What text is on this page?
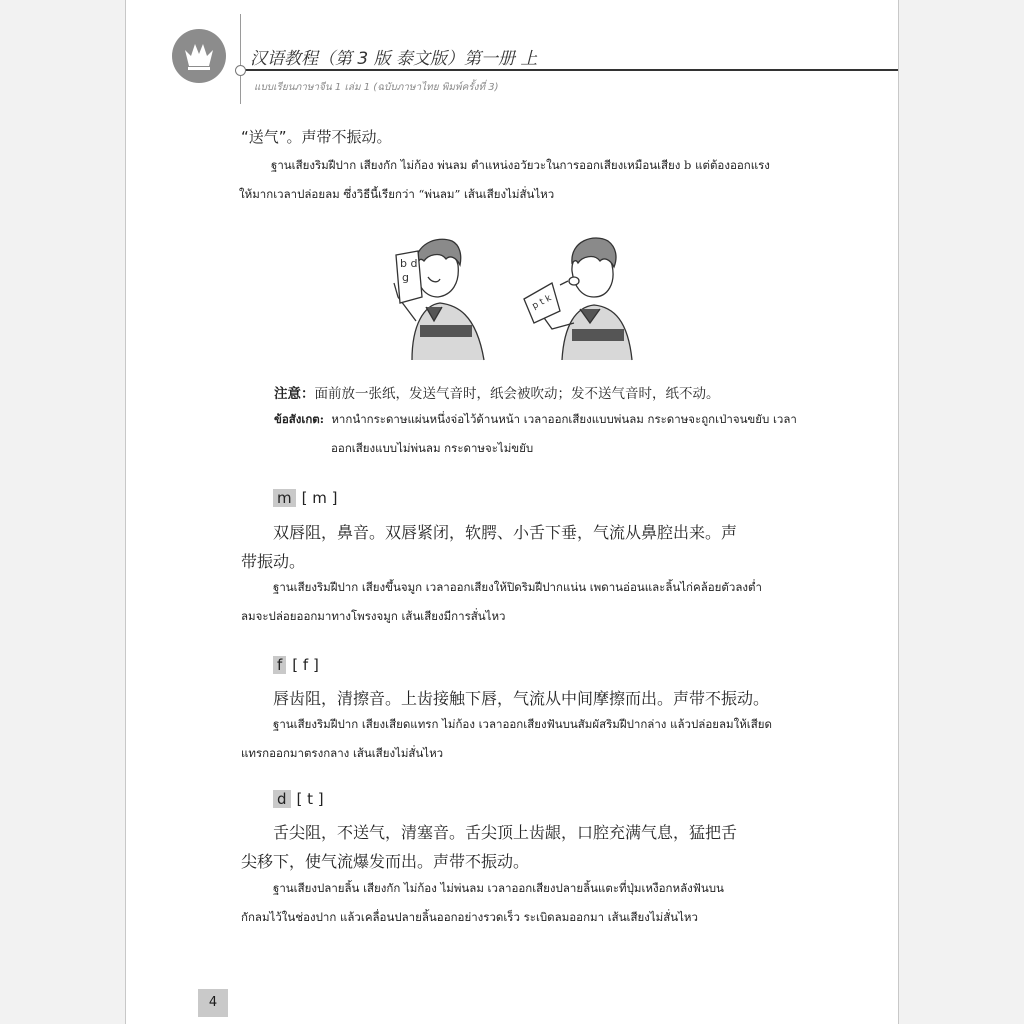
汉语教程（第 3 版 泰文版）第一册 上
แบบเรียนภาษาจีน 1 เล่ม 1 (ฉบับภาษาไทย พิมพ์ครั้งที่ 3)
“送气”。声带不振动。
ฐานเสียงริมฝีปาก เสียงกัก ไม่ก้อง พ่นลม ตำแหน่งอวัยวะในการออกเสียงเหมือนเสียง b แต่ต้องออกแรง
ให้มากเวลาปล่อยลม ซึ่งวิธีนี้เรียกว่า “พ่นลม” เส้นเสียงไม่สั่นไหว
b d
g
p t k
注意：面前放一张纸，发送气音时，纸会被吹动；发不送气音时，纸不动。
ข้อสังเกต: หากนำกระดาษแผ่นหนึ่งจ่อไว้ด้านหน้า เวลาออกเสียงแบบพ่นลม กระดาษจะถูกเป่าจนขยับ เวลา
ออกเสียงแบบไม่พ่นลม กระดาษจะไม่ขยับ
m [ m ]
双唇阻，鼻音。双唇紧闭，软腭、小舌下垂，气流从鼻腔出来。声
带振动。
ฐานเสียงริมฝีปาก เสียงขึ้นจมูก เวลาออกเสียงให้ปิดริมฝีปากแน่น เพดานอ่อนและลิ้นไก่คล้อยตัวลงต่ำ
ลมจะปล่อยออกมาทางโพรงจมูก เส้นเสียงมีการสั่นไหว
f [ f ]
唇齿阻，清擦音。上齿接触下唇，气流从中间摩擦而出。声带不振动。
ฐานเสียงริมฝีปาก เสียงเสียดแทรก ไม่ก้อง เวลาออกเสียงฟันบนสัมผัสริมฝีปากล่าง แล้วปล่อยลมให้เสียด
แทรกออกมาตรงกลาง เส้นเสียงไม่สั่นไหว
d [ t ]
舌尖阻，不送气，清塞音。舌尖顶上齿龈，口腔充满气息，猛把舌
尖移下，使气流爆发而出。声带不振动。
ฐานเสียงปลายลิ้น เสียงกัก ไม่ก้อง ไม่พ่นลม เวลาออกเสียงปลายลิ้นแตะที่ปุ่มเหงือกหลังฟันบน
กักลมไว้ในช่องปาก แล้วเคลื่อนปลายลิ้นออกอย่างรวดเร็ว ระเบิดลมออกมา เส้นเสียงไม่สั่นไหว
4
